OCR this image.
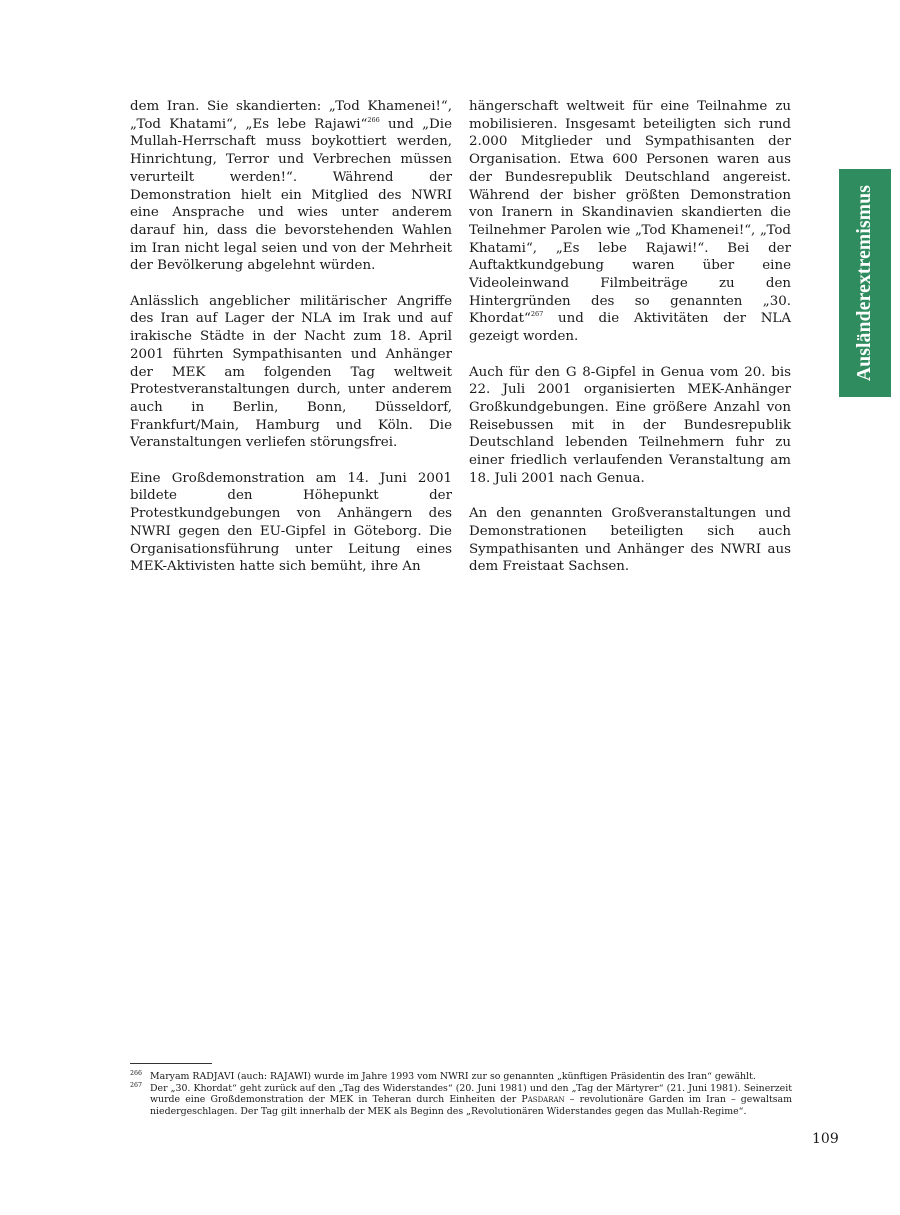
dem Iran. Sie skandierten: „Tod Khamenei!“, „Tod Khatami“, „Es lebe Rajawi“$^{266}$ und „Die Mullah-Herrschaft muss boykottiert werden, Hinrichtung, Terror und Verbrechen müssen verurteilt werden!“. Während der Demonstration hielt ein Mitglied des NWRI eine Ansprache und wies unter anderem darauf hin, dass die bevorstehenden Wahlen im Iran nicht legal seien und von der Mehrheit der Bevölkerung abgelehnt würden.

Anlässlich angeblicher militärischer Angriffe des Iran auf Lager der NLA im Irak und auf irakische Städte in der Nacht zum 18. April 2001 führten Sympathisanten und Anhänger der MEK am folgenden Tag weltweit Protestveranstaltungen durch, unter anderem auch in Berlin, Bonn, Düsseldorf, Frankfurt/Main, Hamburg und Köln. Die Veranstaltungen verliefen störungsfrei.

Eine Großdemonstration am 14. Juni 2001 bildete den Höhepunkt der Protestkundgebungen von Anhängern des NWRI gegen den EU-Gipfel in Göteborg. Die Organisationsführung unter Leitung eines MEK-Aktivisten hatte sich bemüht, ihre An

hängerschaft weltweit für eine Teilnahme zu mobilisieren. Insgesamt beteiligten sich rund 2.000 Mitglieder und Sympathisanten der Organisation. Etwa 600 Personen waren aus der Bundesrepublik Deutschland angereist. Während der bisher größten Demonstration von Iranern in Skandinavien skandierten die Teilnehmer Parolen wie „Tod Khamenei!“, „Tod Khatami“, „Es lebe Rajawi!“. Bei der Auftaktkundgebung waren über eine Videoleinwand Filmbeiträge zu den Hintergründen des so genannten „30. Khordat“$^{267}$ und die Aktivitäten der NLA gezeigt worden.

Auch für den G 8-Gipfel in Genua vom 20. bis 22. Juli 2001 organisierten MEK-Anhänger Großkundgebungen. Eine größere Anzahl von Reisebussen mit in der Bundesrepublik Deutschland lebenden Teilnehmern fuhr zu einer friedlich verlaufenden Veranstaltung am 18. Juli 2001 nach Genua.

An den genannten Großveranstaltungen und Demonstrationen beteiligten sich auch Sympathisanten und Anhänger des NWRI aus dem Freistaat Sachsen.

Ausländerextremismus
266 Maryam RADJAVI (auch: RAJAWI) wurde im Jahre 1993 vom NWRI zur so genannten „künftigen Präsidentin des Iran“ gewählt.
267 Der „30. Khordat“ geht zurück auf den „Tag des Widerstandes“ (20. Juni 1981) und den „Tag der Märtyrer“ (21. Juni 1981). Seinerzeit wurde eine Großdemonstration der MEK in Teheran durch Einheiten der Pasdaran – revolutionäre Garden im Iran – gewaltsam niedergeschlagen. Der Tag gilt innerhalb der MEK als Beginn des „Revolutionären Widerstandes gegen das Mullah-Regime“.
109
